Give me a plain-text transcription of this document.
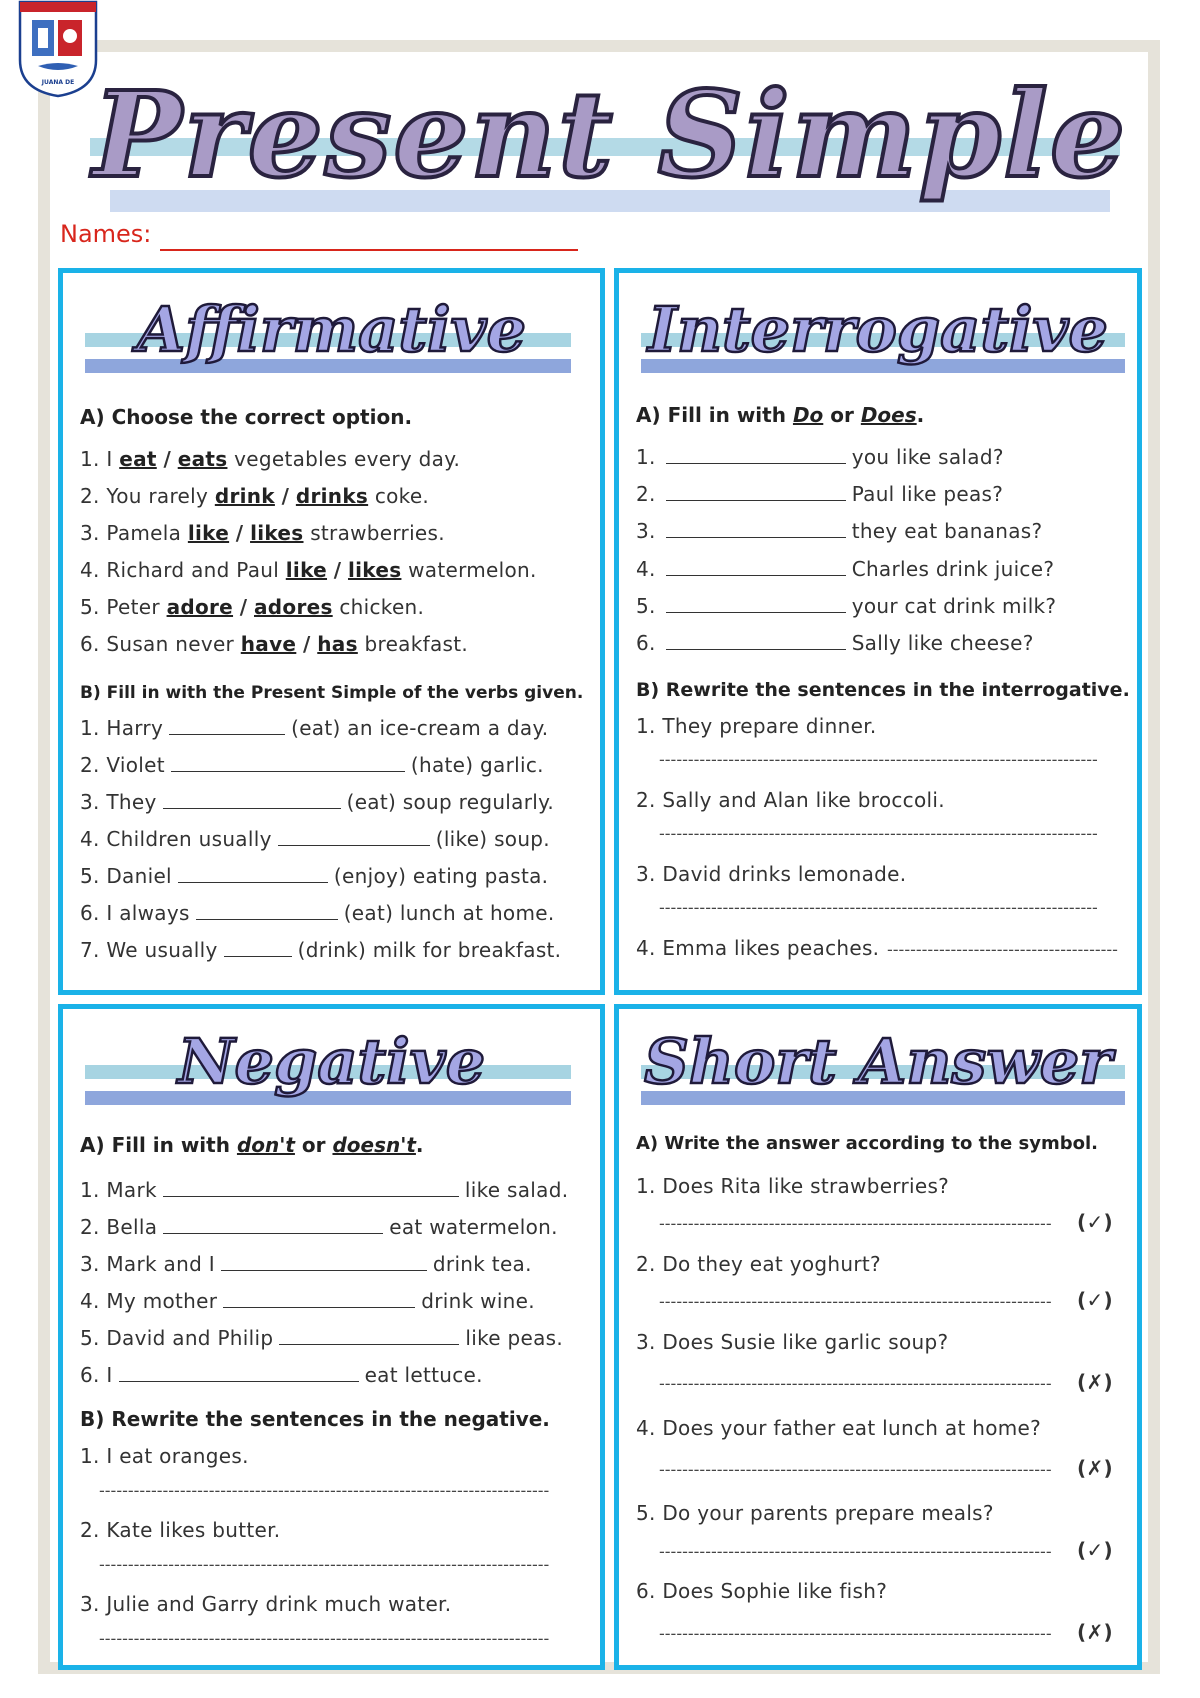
JUANA DE Present Simple
Names:
Affirmative
A) Choose the correct option.
1. I eat / eats vegetables every day.
2. You rarely drink / drinks coke.
3. Pamela like / likes strawberries.
4. Richard and Paul like / likes watermelon.
5. Peter adore / adores chicken.
6. Susan never have / has breakfast.
B) Fill in with the Present Simple of the verbs given.
1. Harry	(eat) an ice-cream a day.
2. Violet	(hate) garlic.
3. They	(eat) soup regularly.
4. Children usually	(like) soup.
5. Daniel	(enjoy) eating pasta.
6. I always	(eat) lunch at home.
7. We usually	(drink) milk for breakfast.
Interrogative
A) Fill in with Do or Does.
1.	you like salad?
2.	Paul like peas?
3.	they eat bananas?
4.	Charles drink juice?
5.	your cat drink milk?
6.	Sally like cheese?
B) Rewrite the sentences in the interrogative.
1. They prepare dinner.
----------------------------------------------------------------------------
2. Sally and Alan like broccoli.
----------------------------------------------------------------------------
3. David drinks lemonade.
----------------------------------------------------------------------------
4. Emma likes peaches. ----------------------------------------
Negative
A) Fill in with don't or doesn't.
1. Mark	like salad.
2. Bella	eat watermelon.
3. Mark and I	drink tea.
4. My mother	drink wine.
5. David and Philip	like peas.
6. I	eat lettuce.
B) Rewrite the sentences in the negative.
1. I eat oranges.
------------------------------------------------------------------------------
2. Kate likes butter.
------------------------------------------------------------------------------
3. Julie and Garry drink much water.
------------------------------------------------------------------------------
Short Answer
A) Write the answer according to the symbol.
1. Does Rita like strawberries?
--------------------------------------------------------------------	(✓)
2. Do they eat yoghurt?
--------------------------------------------------------------------	(✓)
3. Does Susie like garlic soup?
--------------------------------------------------------------------	(✗)
4. Does your father eat lunch at home?
--------------------------------------------------------------------	(✗)
5. Do your parents prepare meals?
--------------------------------------------------------------------	(✓)
6. Does Sophie like fish?
--------------------------------------------------------------------	(✗)
